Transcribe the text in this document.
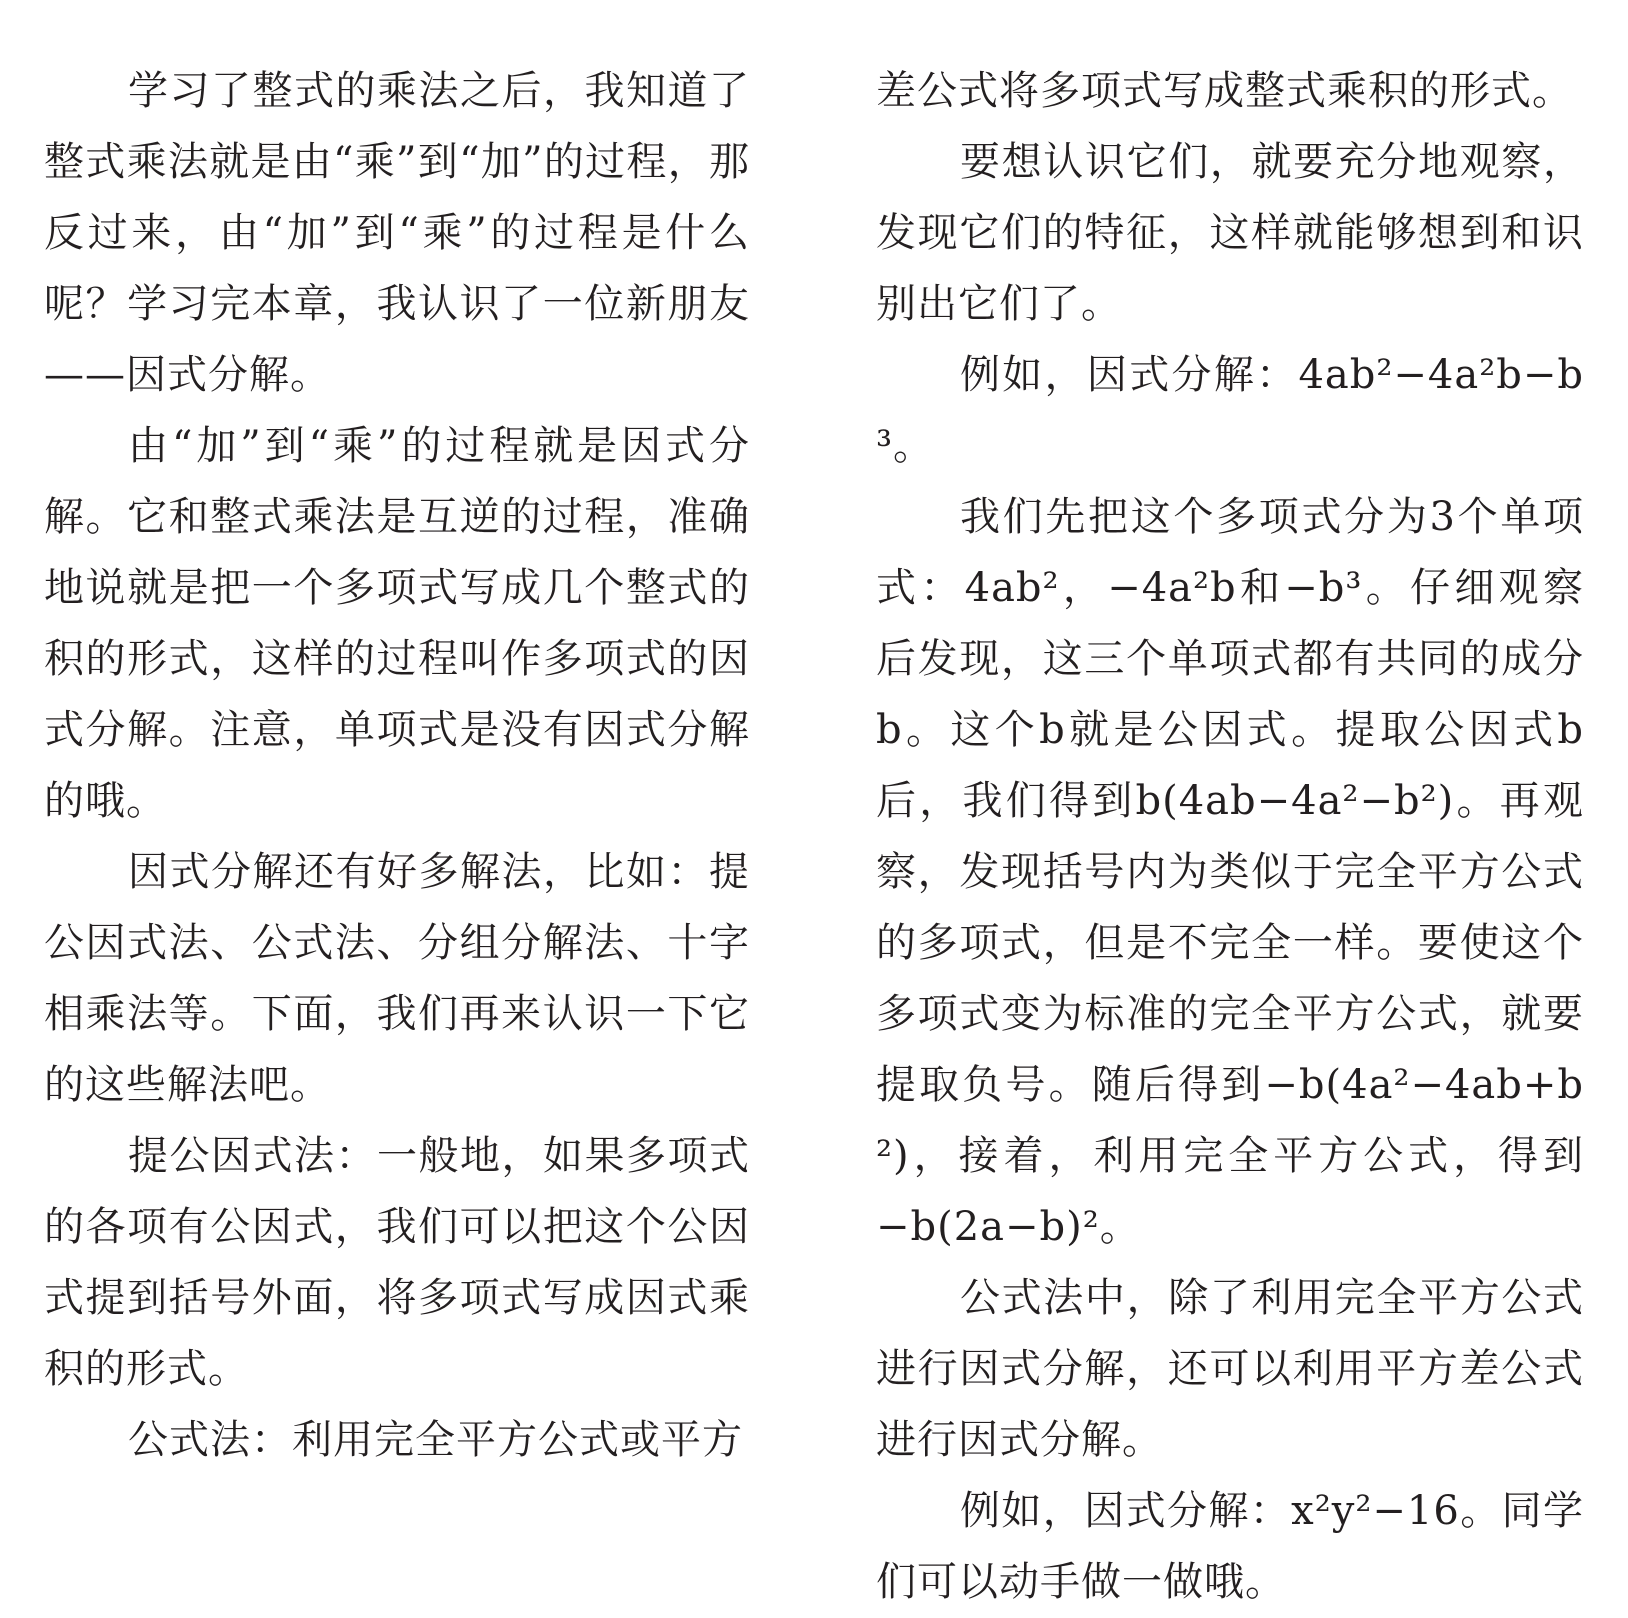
学习了整式的乘法之后，我知道了整式乘法就是由“乘”到“加”的过程，那反过来，由“加”到“乘”的过程是什么呢？学习完本章，我认识了一位新朋友——因式分解。

由“加”到“乘”的过程就是因式分解。它和整式乘法是互逆的过程，准确地说就是把一个多项式写成几个整式的积的形式，这样的过程叫作多项式的因式分解。注意，单项式是没有因式分解的哦。

因式分解还有好多解法，比如：提公因式法、公式法、分组分解法、十字相乘法等。下面，我们再来认识一下它的这些解法吧。

提公因式法：一般地，如果多项式的各项有公因式，我们可以把这个公因式提到括号外面，将多项式写成因式乘积的形式。

公式法：利用完全平方公式或平方

差公式将多项式写成整式乘积的形式。

要想认识它们，就要充分地观察，发现它们的特征，这样就能够想到和识别出它们了。

例如，因式分解：4ab²−4a²b−b³。

我们先把这个多项式分为3个单项式：4ab²，−4a²b和−b³。仔细观察后发现，这三个单项式都有共同的成分b。这个b就是公因式。提取公因式b后，我们得到b(4ab−4a²−b²)。再观察，发现括号内为类似于完全平方公式的多项式，但是不完全一样。要使这个多项式变为标准的完全平方公式，就要提取负号。随后得到−b(4a²−4ab+b²)，接着，利用完全平方公式，得到−b(2a−b)²。

公式法中，除了利用完全平方公式进行因式分解，还可以利用平方差公式进行因式分解。

例如，因式分解：x²y²−16。同学们可以动手做一做哦。
